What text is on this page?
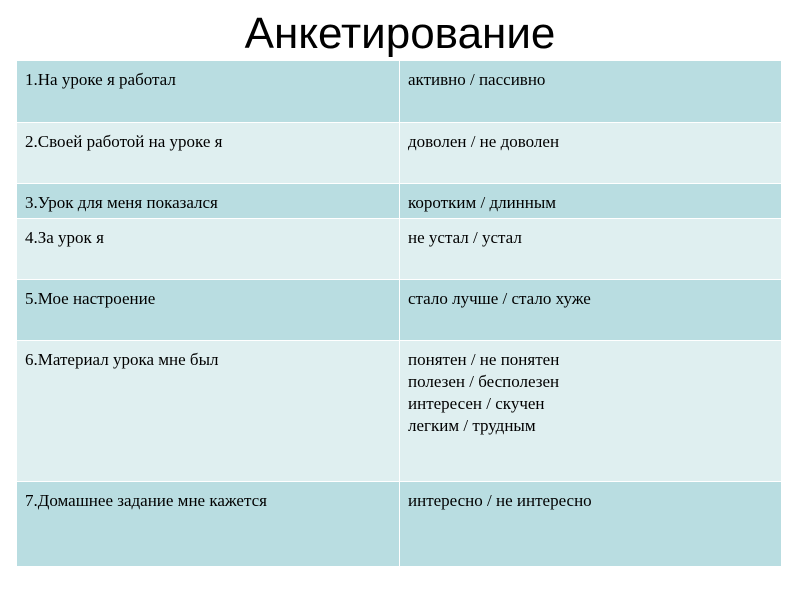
Анкетирование
1.На уроке я работал	активно / пассивно

2.Своей работой на уроке я	доволен / не доволен

3.Урок для меня показался	коротким / длинным

4.За урок я	не устал / устал

5.Мое настроение	стало лучше / стало хуже

6.Материал урока мне был	понятен / не понятен
полезен / бесполезен
интересен / скучен
легким / трудным

7.Домашнее задание мне кажется	интересно / не интересно
